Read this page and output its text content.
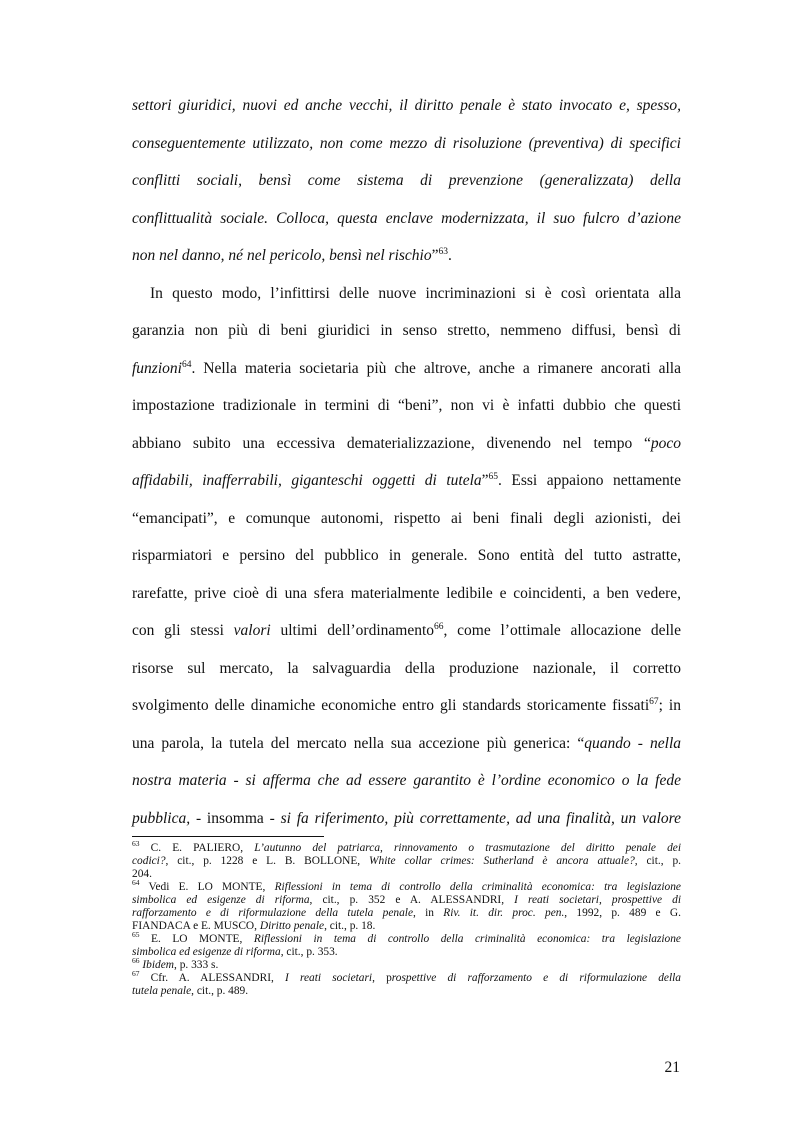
settori giuridici, nuovi ed anche vecchi, il diritto penale è stato invocato e, spesso,
conseguentemente utilizzato, non come mezzo di risoluzione (preventiva) di specifici
conflitti sociali, bensì come sistema di prevenzione (generalizzata) della
conflittualità sociale. Colloca, questa enclave modernizzata, il suo fulcro d’azione
non nel danno, né nel pericolo, bensì nel rischio”$^{63}$.
In questo modo, l’infittirsi delle nuove incriminazioni si è così orientata alla
garanzia non più di beni giuridici in senso stretto, nemmeno diffusi, bensì di
funzioni$^{64}$. Nella materia societaria più che altrove, anche a rimanere ancorati alla
impostazione tradizionale in termini di “beni”, non vi è infatti dubbio che questi
abbiano subito una eccessiva dematerializzazione, divenendo nel tempo “poco
affidabili, inafferrabili, giganteschi oggetti di tutela”$^{65}$. Essi appaiono nettamente
“emancipati”, e comunque autonomi, rispetto ai beni finali degli azionisti, dei
risparmiatori e persino del pubblico in generale. Sono entità del tutto astratte,
rarefatte, prive cioè di una sfera materialmente ledibile e coincidenti, a ben vedere,
con gli stessi valori ultimi dell’ordinamento$^{66}$, come l’ottimale allocazione delle
risorse sul mercato, la salvaguardia della produzione nazionale, il corretto
svolgimento delle dinamiche economiche entro gli standards storicamente fissati$^{67}$; in
una parola, la tutela del mercato nella sua accezione più generica: “quando - nella
nostra materia - si afferma che ad essere garantito è l’ordine economico o la fede
pubblica, - insomma - si fa riferimento, più correttamente, ad una finalità, un valore
$^{63}$ C. E. PALIERO, L’autunno del patriarca, rinnovamento o trasmutazione del diritto penale dei
codici?, cit., p. 1228 e L. B. BOLLONE, White collar crimes: Sutherland è ancora attuale?, cit., p.
204.
$^{64}$ Vedi E. LO MONTE, Riflessioni in tema di controllo della criminalità economica: tra legislazione
simbolica ed esigenze di riforma, cit., p. 352 e A. ALESSANDRI, I reati societari, prospettive di
rafforzamento e di riformulazione della tutela penale, in Riv. it. dir. proc. pen., 1992, p. 489 e G.
FIANDACA e E. MUSCO, Diritto penale, cit., p. 18.
$^{65}$ E. LO MONTE, Riflessioni in tema di controllo della criminalità economica: tra legislazione
simbolica ed esigenze di riforma, cit., p. 353.
$^{66}$ Ibidem, p. 333 s.
$^{67}$ Cfr. A. ALESSANDRI, I reati societari, prospettive di rafforzamento e di riformulazione della
tutela penale, cit., p. 489.
21
